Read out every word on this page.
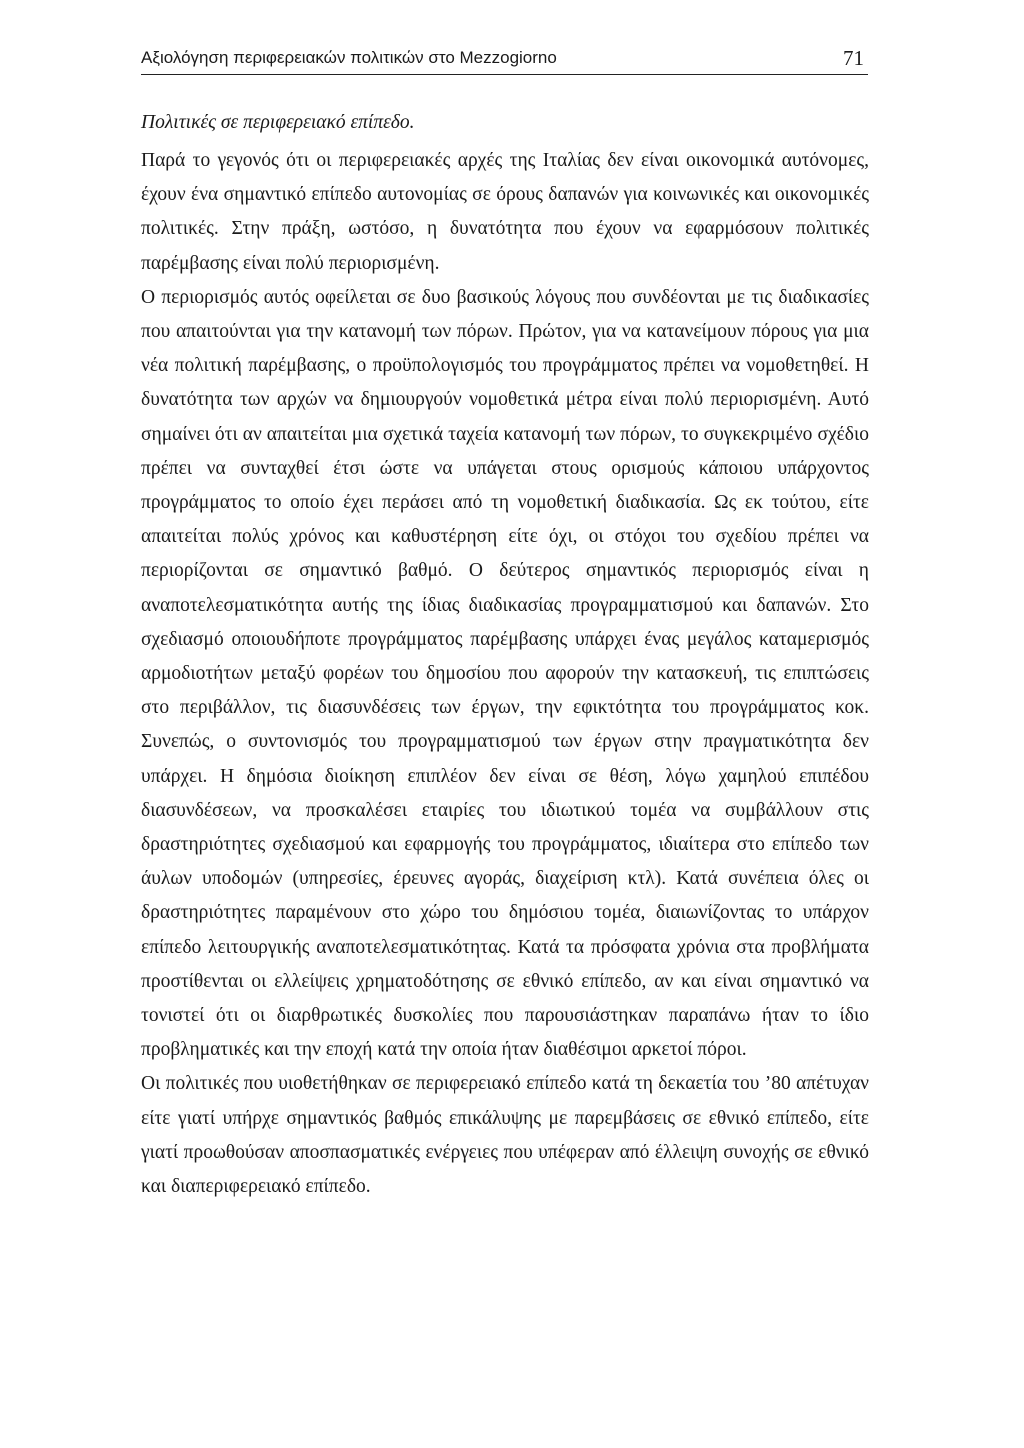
Αξιολόγηση περιφερειακών πολιτικών στο Mezzogiorno	71
Πολιτικές σε περιφερειακό επίπεδο.

Παρά το γεγονός ότι οι περιφερειακές αρχές της Ιταλίας δεν είναι οικονομικά αυτόνομες, έχουν ένα σημαντικό επίπεδο αυτονομίας σε όρους δαπανών για κοινωνικές και οικονομικές πολιτικές. Στην πράξη, ωστόσο, η δυνατότητα που έχουν να εφαρμόσουν πολιτικές παρέμβασης είναι πολύ περιορισμένη.

Ο περιορισμός αυτός οφείλεται σε δυο βασικούς λόγους που συνδέονται με τις διαδικασίες που απαιτούνται για την κατανομή των πόρων. Πρώτον, για να κατανείμουν πόρους για μια νέα πολιτική παρέμβασης, ο προϋπολογισμός του προγράμματος πρέπει να νομοθετηθεί. Η δυνατότητα των αρχών να δημιουργούν νομοθετικά μέτρα είναι πολύ περιορισμένη. Αυτό σημαίνει ότι αν απαιτείται μια σχετικά ταχεία κατανομή των πόρων, το συγκεκριμένο σχέδιο πρέπει να συνταχθεί έτσι ώστε να υπάγεται στους ορισμούς κάποιου υπάρχοντος προγράμματος το οποίο έχει περάσει από τη νομοθετική διαδικασία. Ως εκ τούτου, είτε απαιτείται πολύς χρόνος και καθυστέρηση είτε όχι, οι στόχοι του σχεδίου πρέπει να περιορίζονται σε σημαντικό βαθμό. Ο δεύτερος σημαντικός περιορισμός είναι η αναποτελεσματικότητα αυτής της ίδιας διαδικασίας προγραμματισμού και δαπανών. Στο σχεδιασμό οποιουδήποτε προγράμματος παρέμβασης υπάρχει ένας μεγάλος καταμερισμός αρμοδιοτήτων μεταξύ φορέων του δημοσίου που αφορούν την κατασκευή, τις επιπτώσεις στο περιβάλλον, τις διασυνδέσεις των έργων, την εφικτότητα του προγράμματος κοκ. Συνεπώς, ο συντονισμός του προγραμματισμού των έργων στην πραγματικότητα δεν υπάρχει. Η δημόσια διοίκηση επιπλέον δεν είναι σε θέση, λόγω χαμηλού επιπέδου διασυνδέσεων, να προσκαλέσει εταιρίες του ιδιωτικού τομέα να συμβάλλουν στις δραστηριότητες σχεδιασμού και εφαρμογής του προγράμματος, ιδιαίτερα στο επίπεδο των άυλων υποδομών (υπηρεσίες, έρευνες αγοράς, διαχείριση κτλ). Κατά συνέπεια όλες οι δραστηριότητες παραμένουν στο χώρο του δημόσιου τομέα, διαιωνίζοντας το υπάρχον επίπεδο λειτουργικής αναποτελεσματικότητας. Κατά τα πρόσφατα χρόνια στα προβλήματα προστίθενται οι ελλείψεις χρηματοδότησης σε εθνικό επίπεδο, αν και είναι σημαντικό να τονιστεί ότι οι διαρθρωτικές δυσκολίες που παρουσιάστηκαν παραπάνω ήταν το ίδιο προβληματικές και την εποχή κατά την οποία ήταν διαθέσιμοι αρκετοί πόροι.

Οι πολιτικές που υιοθετήθηκαν σε περιφερειακό επίπεδο κατά τη δεκαετία του ’80 απέτυχαν είτε γιατί υπήρχε σημαντικός βαθμός επικάλυψης με παρεμβάσεις σε εθνικό επίπεδο, είτε γιατί προωθούσαν αποσπασματικές ενέργειες που υπέφεραν από έλλειψη συνοχής σε εθνικό και διαπεριφερειακό επίπεδο.
